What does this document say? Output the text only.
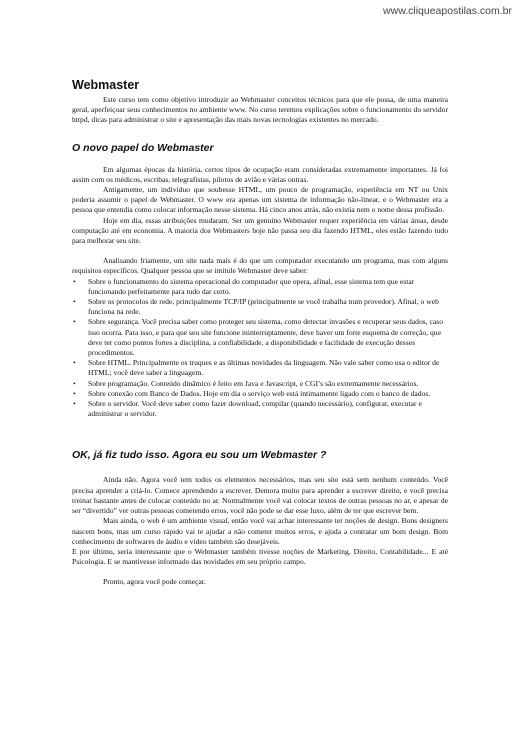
www.cliqueapostilas.com.br
Webmaster

Este curso tem como objetivo introduzir ao Webmaster conceitos técnicos para que ele possa, de uma maneira geral, aperfeiçoar seus conhecimentos no ambiente www. No curso teremos explicações sobre o funcionamento do servidor httpd, dicas para administrar o site e apresentação das mais novas tecnologias existentes no mercado.

O novo papel do Webmaster

Em algumas épocas da história, certos tipos de ocupação eram consideradas extremamente importantes. Já foi assim com os médicos, escribas, telegrafistas, pilotos de avião e várias outras.

Antigamente, um indivíduo que soubesse HTML, um pouco de programação, experiência em NT ou Unix poderia assumir o papel de Webmaster. O www era apenas um sistema de informação não-linear, e o Webmaster era a pessoa que entendia como colocar informação nesse sistema. Há cinco anos atrás, não existia nem o nome dessa profissão.

Hoje em dia, essas atribuições mudaram. Ser um genuíno Webmaster requer experiência em várias áreas, desde computação até em economia. A maioria dos Webmasters hoje não passa seu dia fazendo HTML, eles estão fazendo tudo para melhorar seu site.

Analisando friamente, um site nada mais é do que um computador executando um programa, mas com alguns requisitos específicos. Qualquer pessoa que se intitule Webmaster deve saber:

• Sobre o funcionamento do sistema operacional do computador que opera, afinal, esse sistema tem que estar funcionando perfeitamente para tudo dar certo.
• Sobre os protocolos de rede, principalmente TCP/IP (principalmente se você trabalha num provedor). Afinal, o web funciona na rede.
• Sobre segurança. Você precisa saber como proteger seu sistema, como detectar invasões e recuperar seus dados, caso isso ocorra. Para isso, e para que seu site funcione ininterruptamente, deve haver um forte esquema de correção, que deve ter como pontos fortes a disciplina, a confiabilidade, a disponibilidade e facilidade de execução desses procedimentos.
• Sobre HTML. Principalmente os truques e as últimas novidades da linguagem. Não vale saber como usa o editor de HTML; você deve saber a linguagem.
• Sobre programação. Conteúdo dinâmico é feito em Java e Javascript, e CGI’s são extremamente necessários.
• Sobre conexão com Banco de Dados. Hoje em dia o serviço web está intimamente ligado com o banco de dados.
• Sobre o servidor. Você deve saber como fazer download, compilar (quando necessário), configurar, executar e administrar o servidor.
OK, já fiz tudo isso. Agora eu sou um Webmaster ?

Ainda não. Agora você tem todos os elementos necessários, mas seu site está sem nenhum conteúdo. Você precisa aprender a criá-lo. Comece aprendendo a escrever. Demora muito para aprender a escrever direito, e você precisa treinar bastante antes de colocar conteúdo no ar. Normalmente você vai colocar textos de outras pessoas no ar, e apesar de ser “divertido” ver outras pessoas cometendo erros, você não pode se dar esse luxo, além de ter que escrever bem.

Mais ainda, o web é um ambiente visual, então você vai achar interessante ter noções de design. Bons designers nascem bons, mas um curso rápido vai te ajudar a não cometer muitos erros, e ajuda a contratar um bom design. Bom conhecimento de softwares de áudio e vídeo também são desejáveis.

E por último, seria interessante que o Webmaster também tivesse noções de Marketing, Direito, Contabilidade... E até Psicologia. E se mantivesse informado das novidades em seu próprio campo.

Pronto, agora você pode começar.
